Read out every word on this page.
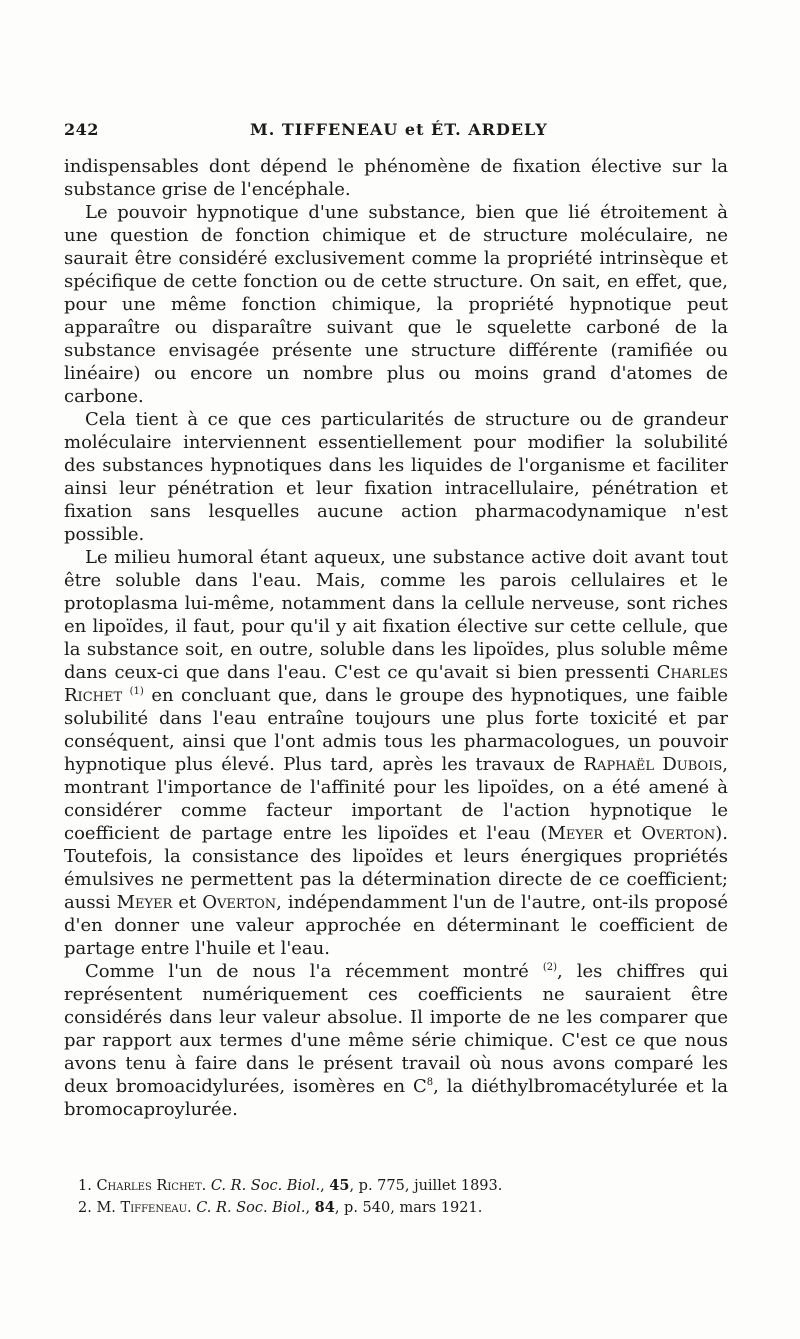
242	M. TIFFENEAU et ÉT. ARDELY

indispensables dont dépend le phénomène de fixation élective sur la substance grise de l'encéphale.

Le pouvoir hypnotique d'une substance, bien que lié étroitement à une question de fonction chimique et de structure moléculaire, ne saurait être considéré exclusivement comme la propriété intrinsèque et spécifique de cette fonction ou de cette structure. On sait, en effet, que, pour une même fonction chimique, la propriété hypnotique peut apparaître ou disparaître suivant que le squelette carboné de la substance envisagée présente une structure différente (ramifiée ou linéaire) ou encore un nombre plus ou moins grand d'atomes de carbone.

Cela tient à ce que ces particularités de structure ou de grandeur moléculaire interviennent essentiellement pour modifier la solubilité des substances hypnotiques dans les liquides de l'organisme et faciliter ainsi leur pénétration et leur fixation intracellulaire, pénétration et fixation sans lesquelles aucune action pharmacodynamique n'est possible.

Le milieu humoral étant aqueux, une substance active doit avant tout être soluble dans l'eau. Mais, comme les parois cellulaires et le protoplasma lui-même, notamment dans la cellule nerveuse, sont riches en lipoïdes, il faut, pour qu'il y ait fixation élective sur cette cellule, que la substance soit, en outre, soluble dans les lipoïdes, plus soluble même dans ceux-ci que dans l'eau. C'est ce qu'avait si bien pressenti Charles Richet $^{(1)}$ en concluant que, dans le groupe des hypnotiques, une faible solubilité dans l'eau entraîne toujours une plus forte toxicité et par conséquent, ainsi que l'ont admis tous les pharmacologues, un pouvoir hypnotique plus élevé. Plus tard, après les travaux de Raphaël Dubois, montrant l'importance de l'affinité pour les lipoïdes, on a été amené à considérer comme facteur important de l'action hypnotique le coefficient de partage entre les lipoïdes et l'eau (Meyer et Overton). Toutefois, la consistance des lipoïdes et leurs énergiques propriétés émulsives ne permettent pas la détermination directe de ce coefficient; aussi Meyer et Overton, indépendamment l'un de l'autre, ont-ils proposé d'en donner une valeur approchée en déterminant le coefficient de partage entre l'huile et l'eau.

Comme l'un de nous l'a récemment montré $^{(2)}$, les chiffres qui représentent numériquement ces coefficients ne sauraient être considérés dans leur valeur absolue. Il importe de ne les comparer que par rapport aux termes d'une même série chimique. C'est ce que nous avons tenu à faire dans le présent travail où nous avons comparé les deux bromoacidylurées, isomères en $C^8$, la diéthylbromacétylurée et la bromocaproylurée.

1. Charles Richet. C. R. Soc. Biol., 45, p. 775, juillet 1893.

2. M. Tiffeneau. C. R. Soc. Biol., 84, p. 540, mars 1921.
